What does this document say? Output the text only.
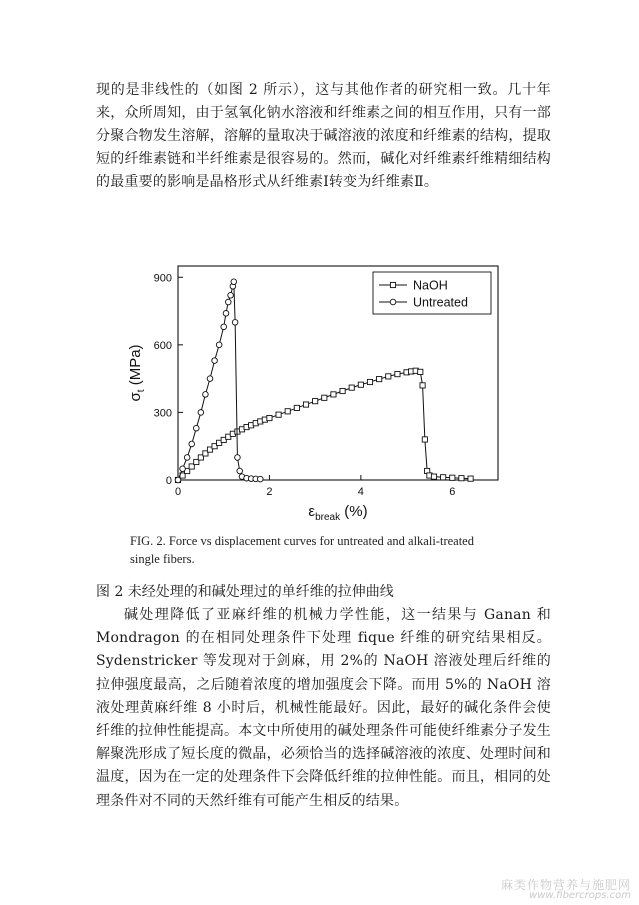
现的是非线性的（如图 2 所示），这与其他作者的研究相一致。几十年来，众所周知，由于氢氧化钠水溶液和纤维素之间的相互作用，只有一部分聚合物发生溶解，溶解的量取决于碱溶液的浓度和纤维素的结构，提取短的纤维素链和半纤维素是很容易的。然而，碱化对纤维素纤维精细结构的最重要的影响是晶格形式从纤维素Ⅰ转变为纤维素Ⅱ。

0	2	4	6
0
300
600
900
$\varepsilon_{break}$ (%)
$\sigma_t$ (MPa)
NaOH
Untreated
FIG. 2. Force vs displacement curves for untreated and alkali-treated
single fibers.

图 2 未经处理的和碱处理过的单纤维的拉伸曲线

碱处理降低了亚麻纤维的机械力学性能，这一结果与 Ganan 和 Mondragon 的在相同处理条件下处理 fique 纤维的研究结果相反。Sydenstricker 等发现对于剑麻，用 2%的 NaOH 溶液处理后纤维的拉伸强度最高，之后随着浓度的增加强度会下降。而用 5%的 NaOH 溶液处理黄麻纤维 8 小时后，机械性能最好。因此，最好的碱化条件会使纤维的拉伸性能提高。本文中所使用的碱处理条件可能使纤维素分子发生解聚洗形成了短长度的微晶，必须恰当的选择碱溶液的浓度、处理时间和温度，因为在一定的处理条件下会降低纤维的拉伸性能。而且，相同的处理条件对不同的天然纤维有可能产生相反的结果。

麻类作物营养与施肥网

www.fibercrops.com
